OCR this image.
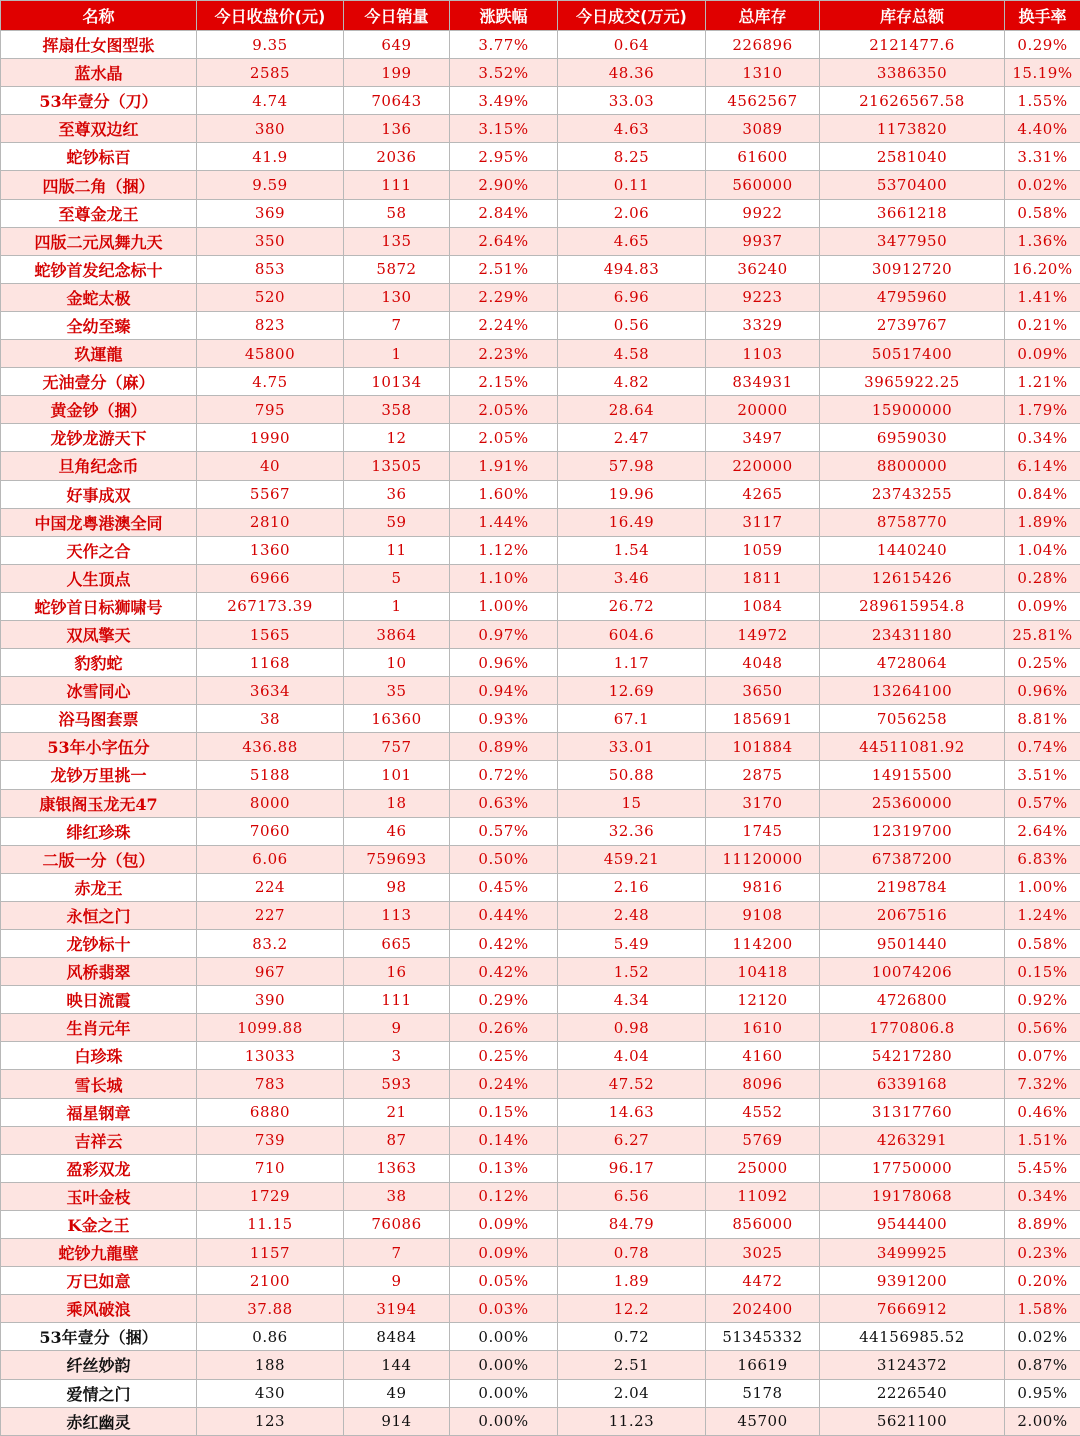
名称	今日收盘价(元)	今日销量	涨跌幅	今日成交(万元)	总库存	库存总额	换手率
挥扇仕女图型张	9.35	649	3.77%	0.64	226896	2121477.6	0.29%
蓝水晶	2585	199	3.52%	48.36	1310	3386350	15.19%
53年壹分（刀）	4.74	70643	3.49%	33.03	4562567	21626567.58	1.55%
至尊双边红	380	136	3.15%	4.63	3089	1173820	4.40%
蛇钞标百	41.9	2036	2.95%	8.25	61600	2581040	3.31%
四版二角（捆）	9.59	111	2.90%	0.11	560000	5370400	0.02%
至尊金龙王	369	58	2.84%	2.06	9922	3661218	0.58%
四版二元凤舞九天	350	135	2.64%	4.65	9937	3477950	1.36%
蛇钞首发纪念标十	853	5872	2.51%	494.83	36240	30912720	16.20%
金蛇太极	520	130	2.29%	6.96	9223	4795960	1.41%
全幼至臻	823	7	2.24%	0.56	3329	2739767	0.21%
玖運龍	45800	1	2.23%	4.58	1103	50517400	0.09%
无油壹分（麻）	4.75	10134	2.15%	4.82	834931	3965922.25	1.21%
黄金钞（捆）	795	358	2.05%	28.64	20000	15900000	1.79%
龙钞龙游天下	1990	12	2.05%	2.47	3497	6959030	0.34%
旦角纪念币	40	13505	1.91%	57.98	220000	8800000	6.14%
好事成双	5567	36	1.60%	19.96	4265	23743255	0.84%
中国龙粤港澳全同	2810	59	1.44%	16.49	3117	8758770	1.89%
天作之合	1360	11	1.12%	1.54	1059	1440240	1.04%
人生顶点	6966	5	1.10%	3.46	1811	12615426	0.28%
蛇钞首日标狮啸号	267173.39	1	1.00%	26.72	1084	289615954.8	0.09%
双凤擎天	1565	3864	0.97%	604.6	14972	23431180	25.81%
豹豹蛇	1168	10	0.96%	1.17	4048	4728064	0.25%
冰雪同心	3634	35	0.94%	12.69	3650	13264100	0.96%
浴马图套票	38	16360	0.93%	67.1	185691	7056258	8.81%
53年小字伍分	436.88	757	0.89%	33.01	101884	44511081.92	0.74%
龙钞万里挑一	5188	101	0.72%	50.88	2875	14915500	3.51%
康银阁玉龙无47	8000	18	0.63%	15	3170	25360000	0.57%
绯红珍珠	7060	46	0.57%	32.36	1745	12319700	2.64%
二版一分（包）	6.06	759693	0.50%	459.21	11120000	67387200	6.83%
赤龙王	224	98	0.45%	2.16	9816	2198784	1.00%
永恒之门	227	113	0.44%	2.48	9108	2067516	1.24%
龙钞标十	83.2	665	0.42%	5.49	114200	9501440	0.58%
风桥翡翠	967	16	0.42%	1.52	10418	10074206	0.15%
映日流霞	390	111	0.29%	4.34	12120	4726800	0.92%
生肖元年	1099.88	9	0.26%	0.98	1610	1770806.8	0.56%
白珍珠	13033	3	0.25%	4.04	4160	54217280	0.07%
雪长城	783	593	0.24%	47.52	8096	6339168	7.32%
福星钢章	6880	21	0.15%	14.63	4552	31317760	0.46%
吉祥云	739	87	0.14%	6.27	5769	4263291	1.51%
盈彩双龙	710	1363	0.13%	96.17	25000	17750000	5.45%
玉叶金枝	1729	38	0.12%	6.56	11092	19178068	0.34%
K金之王	11.15	76086	0.09%	84.79	856000	9544400	8.89%
蛇钞九龍壁	1157	7	0.09%	0.78	3025	3499925	0.23%
万巳如意	2100	9	0.05%	1.89	4472	9391200	0.20%
乘风破浪	37.88	3194	0.03%	12.2	202400	7666912	1.58%
53年壹分（捆）	0.86	8484	0.00%	0.72	51345332	44156985.52	0.02%
纤丝妙韵	188	144	0.00%	2.51	16619	3124372	0.87%
爱情之门	430	49	0.00%	2.04	5178	2226540	0.95%
赤红幽灵	123	914	0.00%	11.23	45700	5621100	2.00%
